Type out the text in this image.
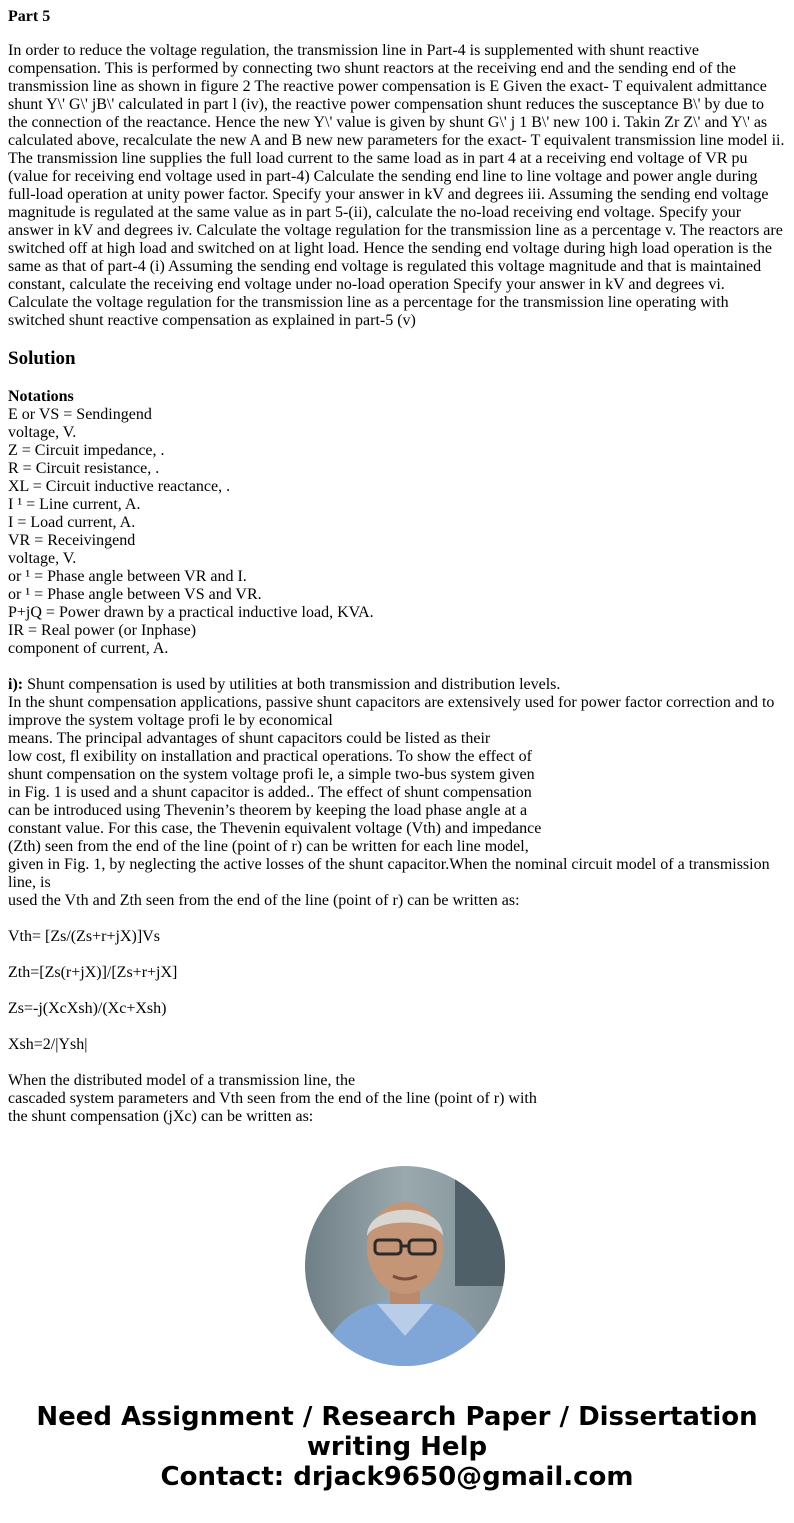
Part 5
In order to reduce the voltage regulation, the transmission line in Part-4 is supplemented with shunt reactive compensation. This is performed by connecting two shunt reactors at the receiving end and the sending end of the transmission line as shown in figure 2 The reactive power compensation is E Given the exact- T equivalent admittance shunt Y\' G\' jB\' calculated in part l (iv), the reactive power compensation shunt reduces the susceptance B\' by due to the connection of the reactance. Hence the new Y\' value is given by shunt G\' j 1 B\' new 100 i. Takin Zr Z\' and Y\' as calculated above, recalculate the new A and B new new parameters for the exact- T equivalent transmission line model ii. The transmission line supplies the full load current to the same load as in part 4 at a receiving end voltage of VR pu (value for receiving end voltage used in part-4) Calculate the sending end line to line voltage and power angle during full-load operation at unity power factor. Specify your answer in kV and degrees iii. Assuming the sending end voltage magnitude is regulated at the same value as in part 5-(ii), calculate the no-load receiving end voltage. Specify your answer in kV and degrees iv. Calculate the voltage regulation for the transmission line as a percentage v. The reactors are switched off at high load and switched on at light load. Hence the sending end voltage during high load operation is the same as that of part-4 (i) Assuming the sending end voltage is regulated this voltage magnitude and that is maintained constant, calculate the receiving end voltage under no-load operation Specify your answer in kV and degrees vi. Calculate the voltage regulation for the transmission line as a percentage for the transmission line operating with switched shunt reactive compensation as explained in part-5 (v)
Solution
Notations
E or VS = Sendingend
voltage, V.
Z = Circuit impedance, .
R = Circuit resistance, .
XL = Circuit inductive reactance, .
I ¹ = Line current, A.
I = Load current, A.
VR = Receivingend
voltage, V.
or ¹ = Phase angle between VR and I.
or ¹ = Phase angle between VS and VR.
P+jQ = Power drawn by a practical inductive load, KVA.
IR = Real power (or Inphase)
component of current, A.
i): Shunt compensation is used by utilities at both transmission and distribution levels.
In the shunt compensation applications, passive shunt capacitors are extensively used for power factor correction and to improve the system voltage profi le by economical
means. The principal advantages of shunt capacitors could be listed as their
low cost, fl exibility on installation and practical operations. To show the effect of
shunt compensation on the system voltage profi le, a simple two-bus system given
in Fig. 1 is used and a shunt capacitor is added.. The effect of shunt compensation
can be introduced using Thevenin’s theorem by keeping the load phase angle at a
constant value. For this case, the Thevenin equivalent voltage (Vth) and impedance
(Zth) seen from the end of the line (point of r) can be written for each line model,
given in Fig. 1, by neglecting the active losses of the shunt capacitor.When the nominal circuit model of a transmission line, is
used the Vth and Zth seen from the end of the line (point of r) can be written as:
Vth= [Zs/(Zs+r+jX)]Vs
Zth=[Zs(r+jX)]/[Zs+r+jX]
Zs=-j(XcXsh)/(Xc+Xsh)
Xsh=2/|Ysh|
When the distributed model of a transmission line, the
cascaded system parameters and Vth seen from the end of the line (point of r) with
the shunt compensation (jXc) can be written as:
Need Assignment / Research Paper / Dissertation writing Help
Contact: drjack9650@gmail.com
